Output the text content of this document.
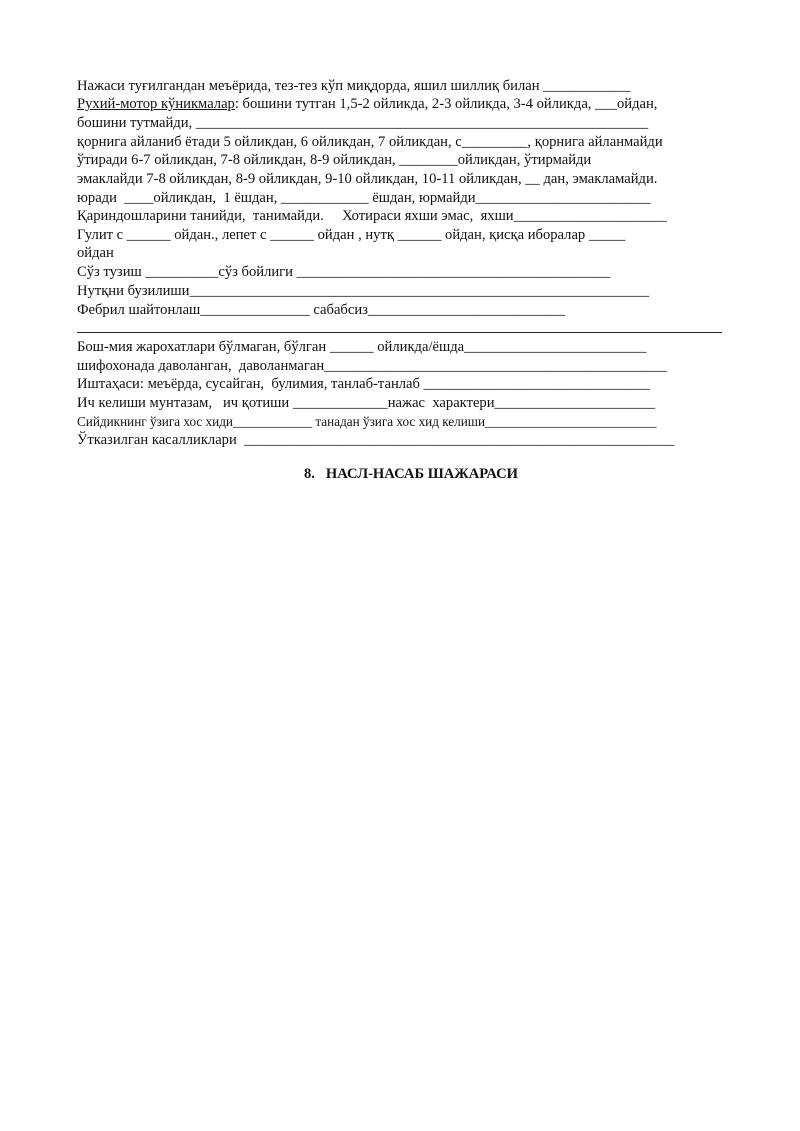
Нажаси туғилгандан меъёрида, тез-тез кўп миқдорда, яшил шиллиқ билан ____________
Рухий-мотор кўникмалар: бошини тутган 1,5-2 ойликда, 2-3 ойликда, 3-4 ойликда, ___ойдан,
бошини тутмайди, ______________________________________________________________
қорнига айланиб ётади 5 ойликдан, 6 ойликдан, 7 ойликдан, с_________, қорнига айланмайди
ўтиради 6-7 ойликдан, 7-8 ойликдан, 8-9 ойликдан, ________ойликдан, ўтирмайди
эмаклайди 7-8 ойликдан, 8-9 ойликдан, 9-10 ойликдан, 10-11 ойликдан, __ дан, эмакламайди.
юради  ____ойликдан,  1 ёшдан, ____________ ёшдан, юрмайди________________________
Қариндошларини танийди,  танимайди.     Хотираси яхши эмас,  яхши_____________________
Гулит с ______ ойдан., лепет с ______ ойдан , нутқ ______ ойдан, қисқа иборалар _____
ойдан
Сўз тузиш __________сўз бойлиги ___________________________________________
Нутқни бузилиши_______________________________________________________________
Фебрил шайтонлаш_______________ сабабсиз___________________________
Бош-мия жарохатлари бўлмаган, бўлган ______ ойликда/ёшда_________________________
шифохонада даволанган,  даволанмаган_______________________________________________
Иштаҳаси: меъёрда, сусайган,  булимия, танлаб-танлаб _______________________________
Ич келиши мунтазам,   ич қотиши _____________нажас  характери______________________
Сийдикнинг ўзига хос хиди____________ танадан ўзига хос хид келиши__________________________
Ўтказилган касалликлари  ___________________________________________________________
8.   НАСЛ-НАСАБ ШАЖАРАСИ
